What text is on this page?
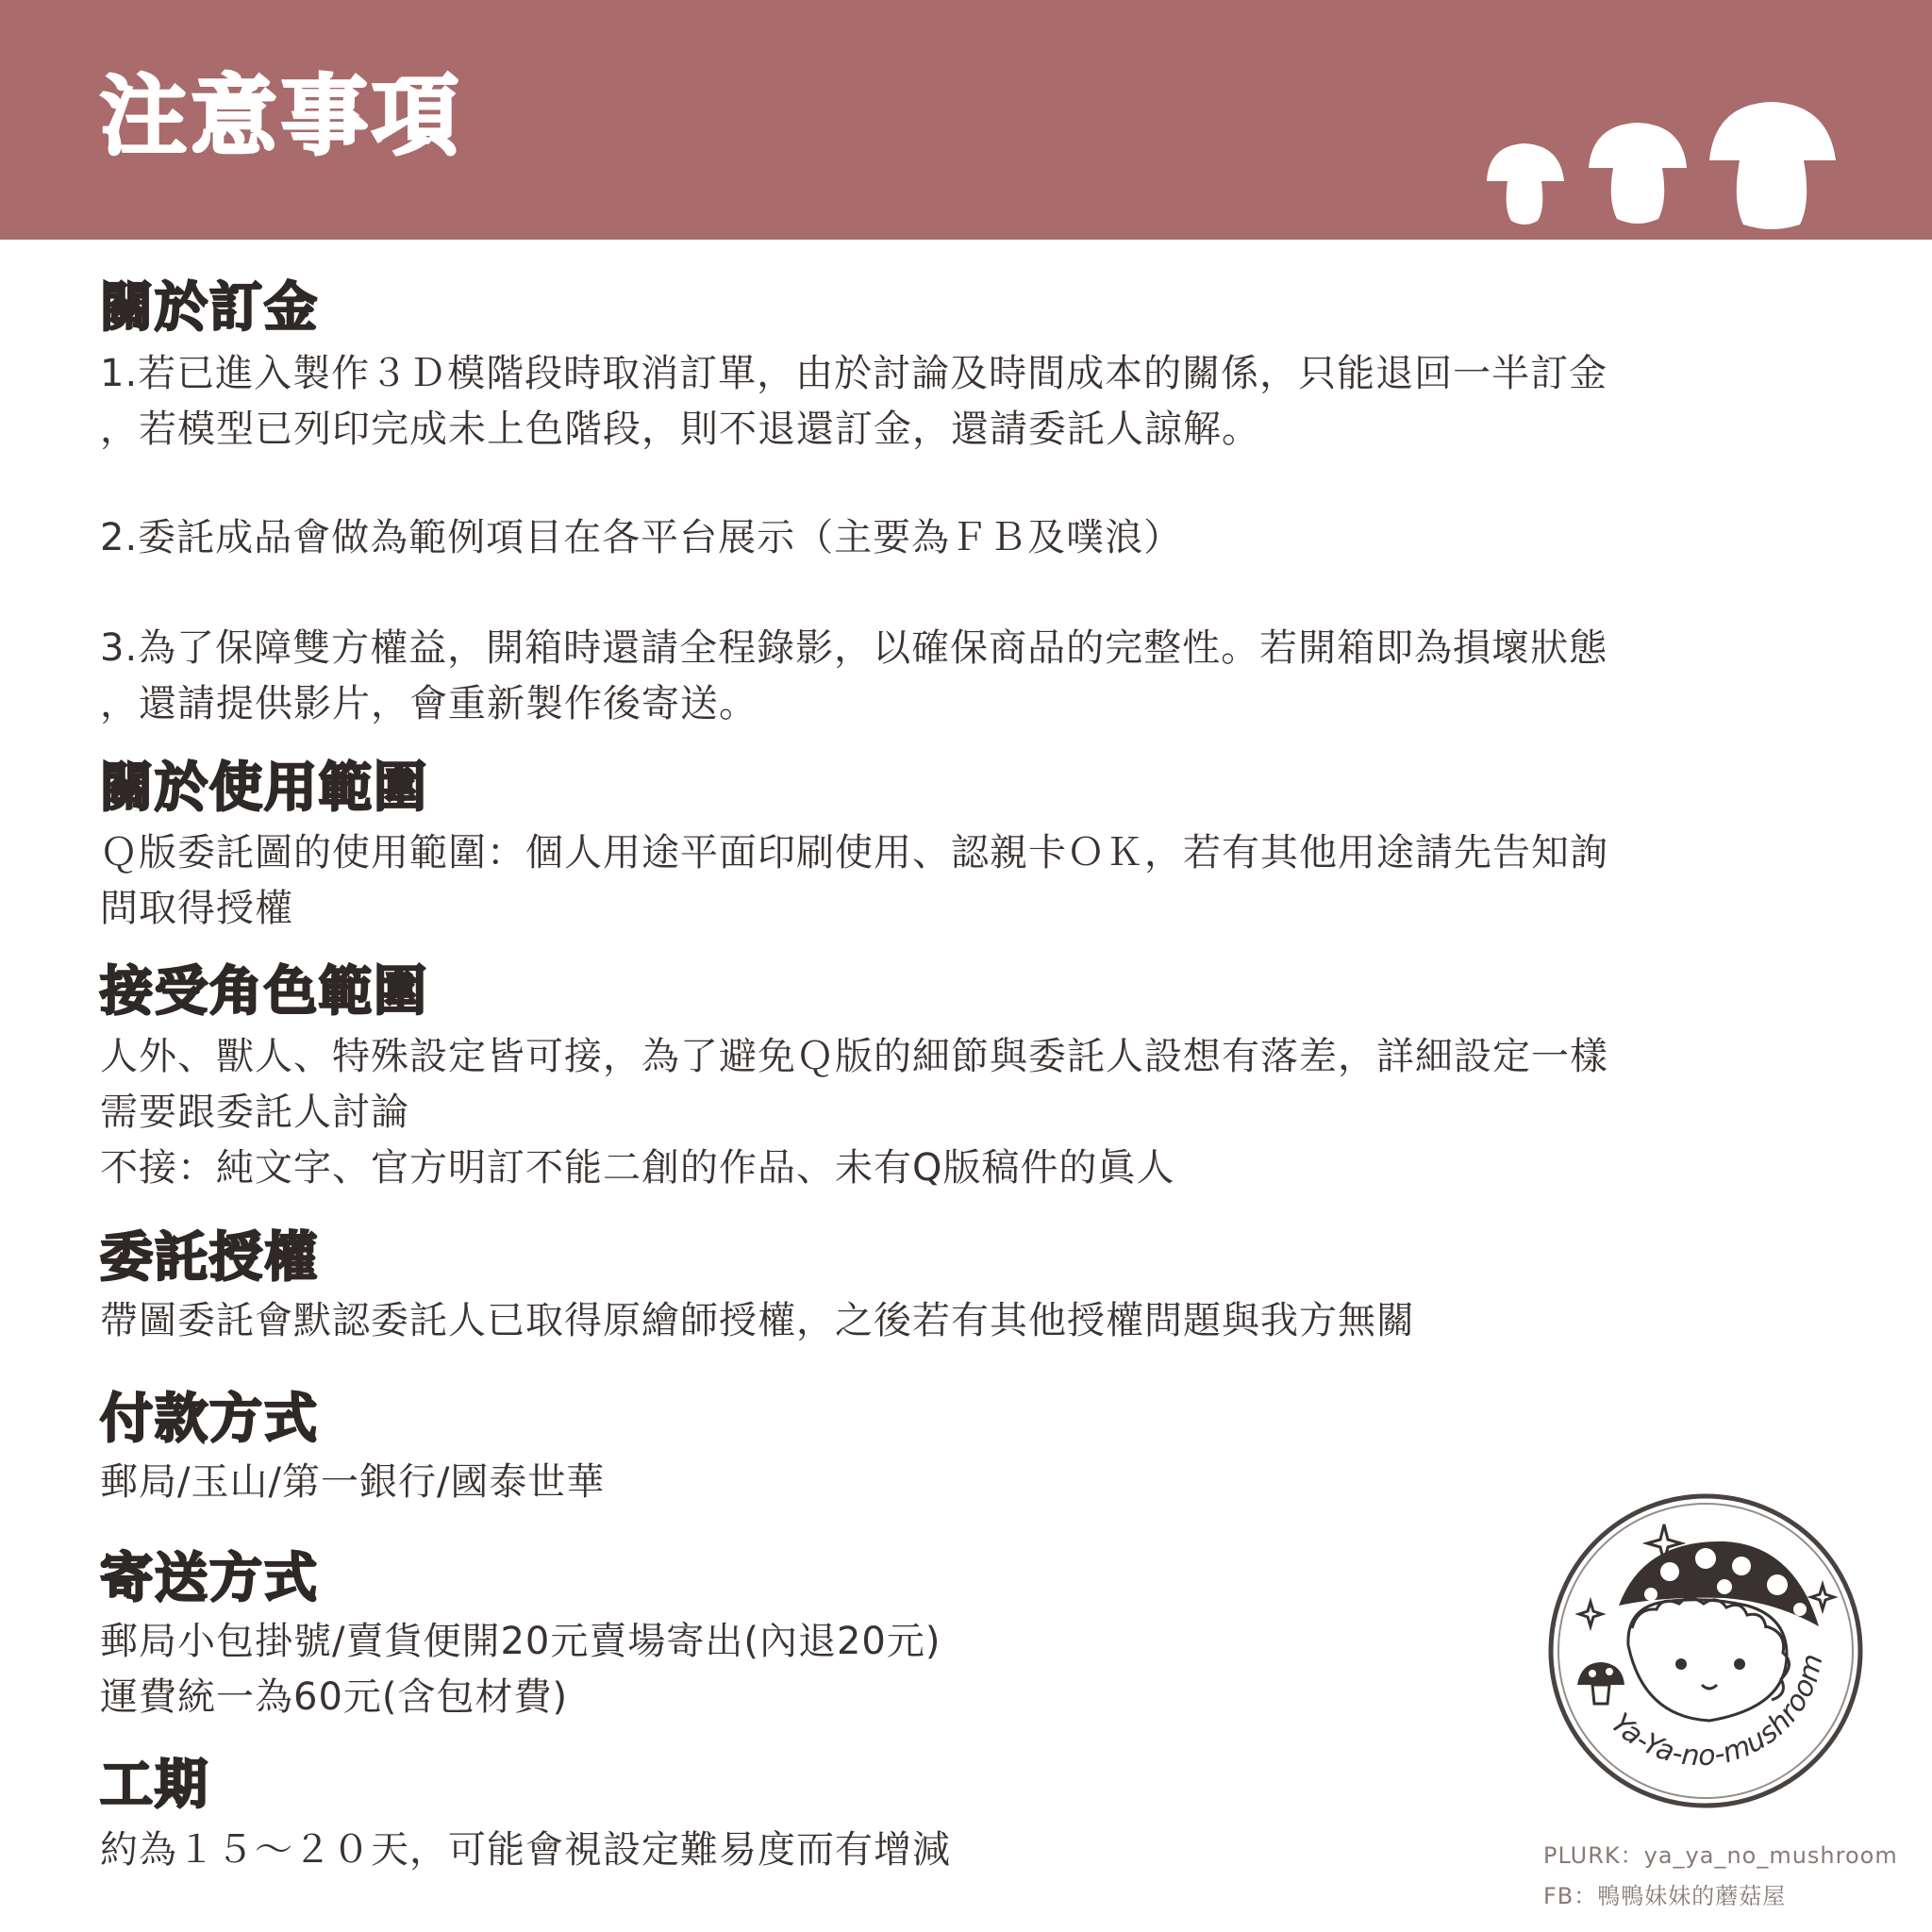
注意事項
關於訂金
1.若已進入製作３Ｄ模階段時取消訂單，由於討論及時間成本的關係，只能退回一半訂金
，若模型已列印完成未上色階段，則不退還訂金，還請委託人諒解。
2.委託成品會做為範例項目在各平台展示（主要為ＦＢ及噗浪）
3.為了保障雙方權益，開箱時還請全程錄影，以確保商品的完整性。若開箱即為損壞狀態
，還請提供影片，會重新製作後寄送。
關於使用範圍
Ｑ版委託圖的使用範圍：個人用途平面印刷使用、認親卡ＯＫ，若有其他用途請先告知詢
問取得授權
接受角色範圍
人外、獸人、特殊設定皆可接，為了避免Ｑ版的細節與委託人設想有落差，詳細設定一樣
需要跟委託人討論
不接：純文字、官方明訂不能二創的作品、未有Q版稿件的眞人
委託授權
帶圖委託會默認委託人已取得原繪師授權，之後若有其他授權問題與我方無關
付款方式
郵局/玉山/第一銀行/國泰世華
寄送方式
郵局小包掛號/賣貨便開20元賣場寄出(內退20元)
運費統一為60元(含包材費)
工期
約為１５～２０天，可能會視設定難易度而有增減
Ya-Ya-no-mushroom
PLURK：ya_ya_no_mushroom
FB：鴨鴨妹妹的蘑菇屋
